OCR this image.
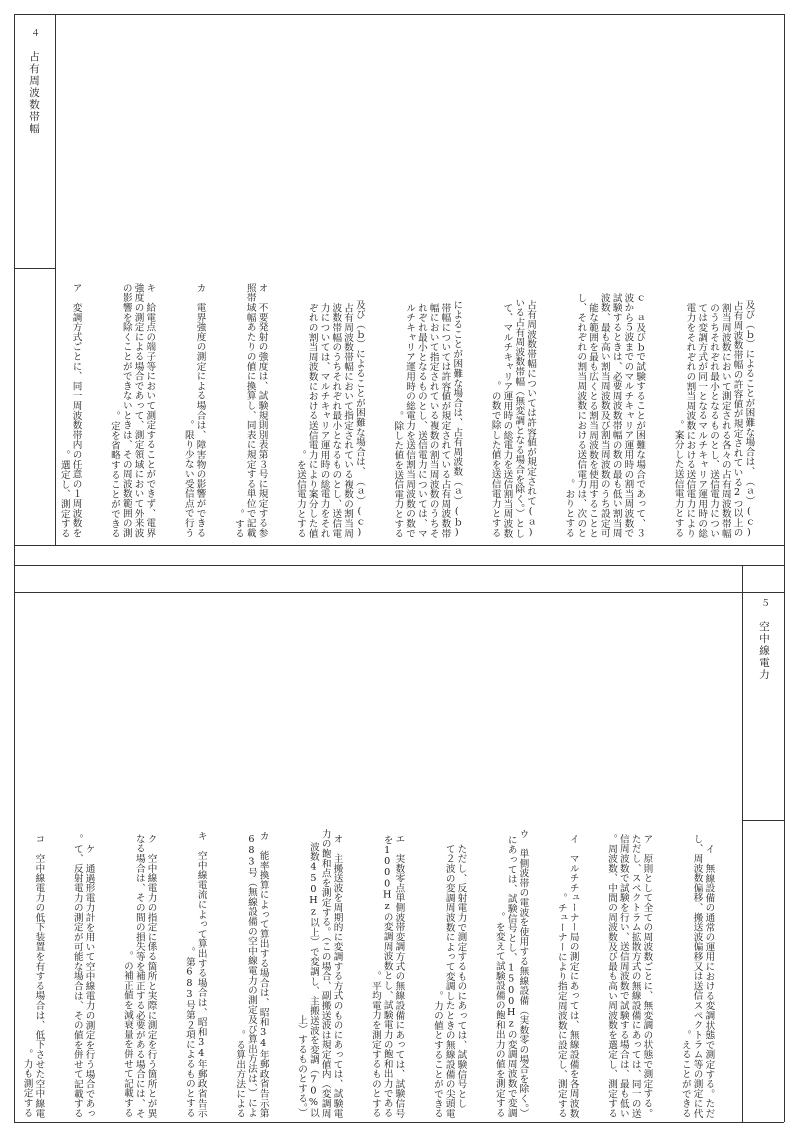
４占有周波数帯幅

(ｃ)（ａ）及び（ｂ）によることが困難な場合は、占有周波数帯幅の許容値が規定されている2つ以上の割当周波数において測定される各々の占有周波数帯幅のうちそれぞれ最小となるものとし、送信電力については変調方式が同一となるマルチキャリア運用時の総電力をそれぞれの割当周波数における送信電力により案分した送信電力とする。

ｃ　ａ及びｂで試験することが困難な場合であって、３波から５波までのマルチキャリア運用時の割当周波数で試験するときは、必要周波数帯幅の数の最も低い割当周波数、最も高い割当周波数及び割当周波数のうち設定可能な範囲を最も広くとる割当周波数を使用することとし、それぞれの割当周波数における送信電力は、次のとおりとする。

(ａ)占有周波数帯幅については許容値が規定されている占有周波数帯幅（無変調となる場合を除く。）として、マルチキャリア運用時の総電力を送信割当周波数の数で除した値を送信電力とする。

(ｂ)（ａ）によることが困難な場合は、占有周波数帯幅については許容値が規定されている占有周波数帯幅において指定されている複数の割当周波数のうちそれぞれ最小となるものとし、送信電力については、マルチキャリア運用時の総電力を送信割当周波数の数で除した値を送信電力とする。

(ｃ)（ａ）及び（ｂ）によることが困難な場合は、占有周波数帯幅において指定されている複数の割当周波数帯幅のうちそれぞれ最小となるものとし、送信電力については、マルチキャリア運用時の総電力をそれぞれの割当周波数における送信電力により案分した値を送信電力とする。

オ　不要発射の強度は、試験規則別表第３号に規定する参照帯域幅あたりの値に換算し、同表に規定する単位で記載する。

カ　電界強度の測定による場合は、障害物の影響ができる限り少ない受信点で行う。

キ　給電点の端子等において測定することができず、電界強度の測定による場合であって、測定領域において外来波の影響を除くことができないときは、その周波数範囲の測定を省略することができる。

ア　変調方式ごとに、同一周波数帯内の任意の１周波数を選定し、測定する。

５空中線電力

イ　無線設備の通常の運用における変調状態で測定する。ただし、周波数偏移、搬送波偏移又は送信スペクトラム等の測定に代えることができる。

ア　原則として全ての周波数ごとに、無変調の状態で測定する。ただし、スペクトラム拡散方式の無線設備にあっては、同一の送信周波数で試験を行い、送信周波数で試験する場合は、最も低い周波数、中間の周波数及び最も高い周波数を選定し、測定する。

イ　マルチチューナー局の測定にあっては、無線設備を各周波数チューナーにより指定周波数に設定し、測定する。

ウ　単側波帯の電波を使用する無線設備（実数零の場合を除く。）にあっては、試験信号とし、1500Hzの変調周波数で変調を変えて試験設備の飽和出力の値を測定する。

　ただし、反射電力で測定するものにあっては、試験信号として２波の変調周波数によって変調したときの無線設備の尖頭電力の値とすることができる。

エ　実数零点単側波帯変調方式の無線設備にあっては、試験信号を1000Hzの変調周波数とし、試験電力の飽和出力である平均電力を測定するものとする。

オ　主搬送波を周期的に変調する方式のものにあっては、試験電力の飽和点を測定する。（この場合、副搬送波は規定値内（変調周波数450Hz以上）で変調し、主搬送波を変調（70%以上）するものとする。）

カ　能率換算によって算出する場合は、昭和34年郵政省告示第683号（無線設備の空中線電力の測定及び算出方法は、）による算出方法による。

キ　空中線電流によって算出する場合は、昭和34年郵政省告示第683号第２項によるものとする。

ク　空中線電力の指定に係る箇所と実際に測定を行う箇所とが異なる場合は、その間の損失等を補正する必要がある場合には、その補正値を減衰量を併せて記載する。

ケ　通過形電力計を用いて空中線電力の測定を行う場合であって、反射電力の測定が可能な場合は、その値を併せて記載する。

コ　空中線電力の低下装置を有する場合は、低下させた空中線電力も測定する。
